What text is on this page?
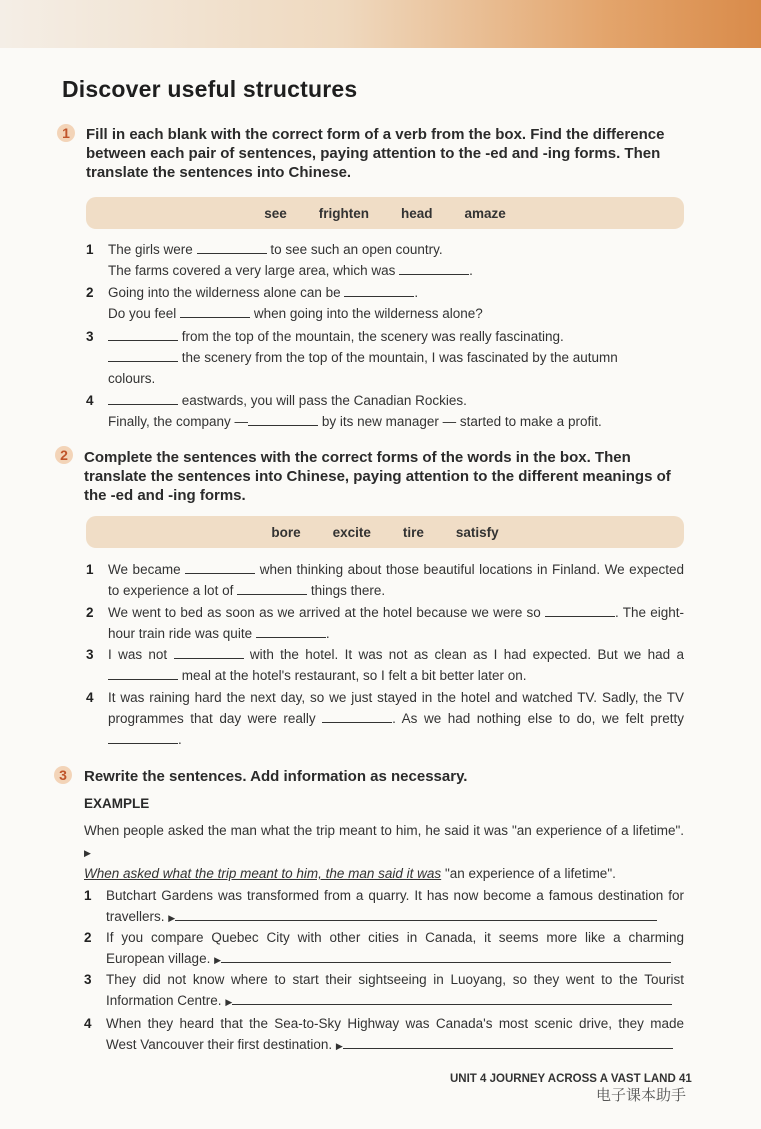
Discover useful structures
1	Fill in each blank with the correct form of a verb from the box. Find the difference between each pair of sentences, paying attention to the -ed and -ing forms. Then translate the sentences into Chinese.
see frighten head amaze
1 The girls were	to see such an open country.
The farms covered a very large area, which was	.
2 Going into the wilderness alone can be	.
Do you feel	when going into the wilderness alone?
3	from the top of the mountain, the scenery was really fascinating.
the scenery from the top of the mountain, I was fascinated by the autumn
colours.
4	eastwards, you will pass the Canadian Rockies.
Finally, the company —	by its new manager — started to make a profit.
2	Complete the sentences with the correct forms of the words in the box. Then translate the sentences into Chinese, paying attention to the different meanings of the -ed and -ing forms.
bore excite tire satisfy
1 We became	when thinking about those beautiful locations in Finland. We expected to experience a lot of	things there.
2 We went to bed as soon as we arrived at the hotel because we were so	. The eight-hour train ride was quite	.
3 I was not	with the hotel. It was not as clean as I had expected. But we had a  meal at the hotel's restaurant, so I felt a bit better later on.
4 It was raining hard the next day, so we just stayed in the hotel and watched TV. Sadly, the TV programmes that day were really	. As we had nothing else to do, we felt pretty .
3	Rewrite the sentences. Add information as necessary.
EXAMPLE
When people asked the man what the trip meant to him, he said it was "an experience of a lifetime". ▶
When asked what the trip meant to him, the man said it was "an experience of a lifetime".
1 Butchart Gardens was transformed from a quarry. It has now become a famous destination for travellers. ▶
2 If you compare Quebec City with other cities in Canada, it seems more like a charming European village. ▶
3 They did not know where to start their sightseeing in Luoyang, so they went to the Tourist Information Centre. ▶
4 When they heard that the Sea-to-Sky Highway was Canada's most scenic drive, they made West Vancouver their first destination. ▶
UNIT 4 JOURNEY ACROSS A VAST LAND 41
电子课本助手
